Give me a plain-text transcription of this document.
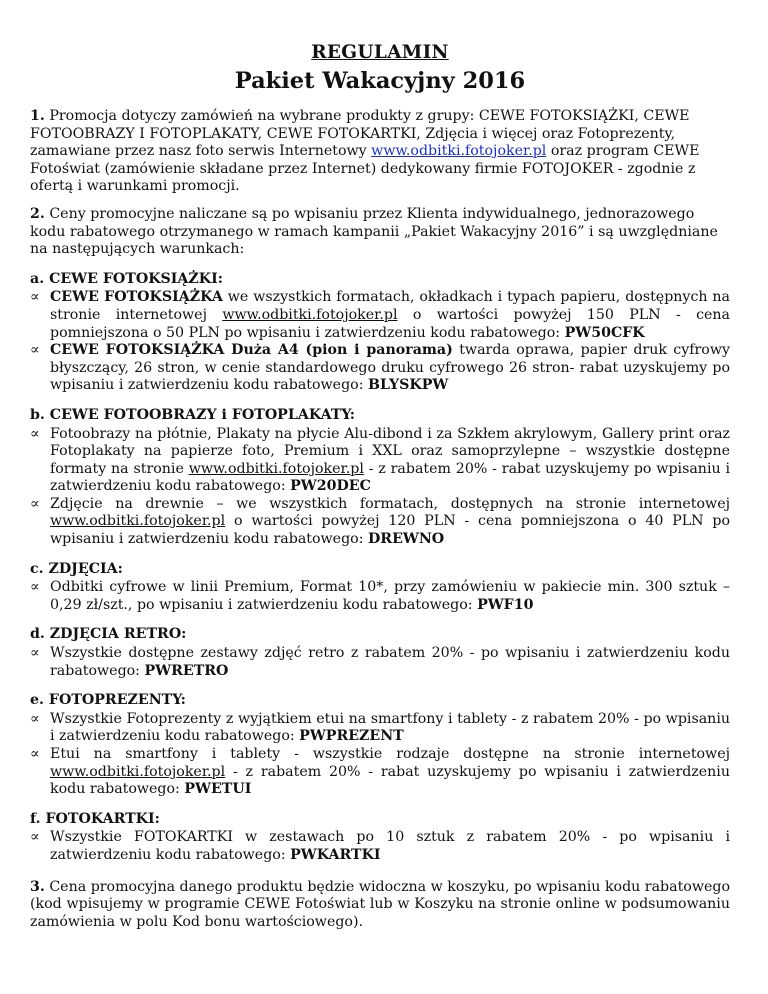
REGULAMIN
Pakiet Wakacyjny 2016

1. Promocja dotyczy zamówień na wybrane produkty z grupy: CEWE FOTOKSIĄŻKI, CEWE FOTOOBRAZY I FOTOPLAKATY, CEWE FOTOKARTKI, Zdjęcia i więcej oraz Fotoprezenty, zamawiane przez nasz foto serwis Internetowy www.odbitki.fotojoker.pl oraz program CEWE Fotoświat (zamówienie składane przez Internet) dedykowany firmie FOTOJOKER - zgodnie z ofertą i warunkami promocji.

2. Ceny promocyjne naliczane są po wpisaniu przez Klienta indywidualnego, jednorazowego kodu rabatowego otrzymanego w ramach kampanii „Pakiet Wakacyjny 2016” i są uwzględniane na następujących warunkach:

a. CEWE FOTOKSIĄŻKI:
∝ CEWE FOTOKSIĄŻKA we wszystkich formatach, okładkach i typach papieru, dostępnych na stronie internetowej www.odbitki.fotojoker.pl o wartości powyżej 150 PLN - cena pomniejszona o 50 PLN po wpisaniu i zatwierdzeniu kodu rabatowego: PW50CFK
∝ CEWE FOTOKSIĄŻKA Duża A4 (pion i panorama) twarda oprawa, papier druk cyfrowy błyszczący, 26 stron, w cenie standardowego druku cyfrowego 26 stron- rabat uzyskujemy po wpisaniu i zatwierdzeniu kodu rabatowego: BLYSKPW
b. CEWE FOTOOBRAZY i FOTOPLAKATY:
∝ Fotoobrazy na płótnie, Plakaty na płycie Alu-dibond i za Szkłem akrylowym, Gallery print oraz Fotoplakaty na papierze foto, Premium i XXL oraz samoprzylepne – wszystkie dostępne formaty na stronie www.odbitki.fotojoker.pl - z rabatem 20% - rabat uzyskujemy po wpisaniu i zatwierdzeniu kodu rabatowego: PW20DEC
∝ Zdjęcie na drewnie – we wszystkich formatach, dostępnych na stronie internetowej www.odbitki.fotojoker.pl o wartości powyżej 120 PLN - cena pomniejszona o 40 PLN po wpisaniu i zatwierdzeniu kodu rabatowego: DREWNO
c. ZDJĘCIA:
∝ Odbitki cyfrowe w linii Premium, Format 10*, przy zamówieniu w pakiecie min. 300 sztuk – 0,29 zł/szt., po wpisaniu i zatwierdzeniu kodu rabatowego: PWF10
d. ZDJĘCIA RETRO:
∝ Wszystkie dostępne zestawy zdjęć retro z rabatem 20% - po wpisaniu i zatwierdzeniu kodu rabatowego: PWRETRO
e. FOTOPREZENTY:
∝ Wszystkie Fotoprezenty z wyjątkiem etui na smartfony i tablety - z rabatem 20% - po wpisaniu i zatwierdzeniu kodu rabatowego: PWPREZENT
∝ Etui na smartfony i tablety - wszystkie rodzaje dostępne na stronie internetowej www.odbitki.fotojoker.pl - z rabatem 20% - rabat uzyskujemy po wpisaniu i zatwierdzeniu kodu rabatowego: PWETUI
f. FOTOKARTKI:
∝ Wszystkie FOTOKARTKI w zestawach po 10 sztuk z rabatem 20% - po wpisaniu i zatwierdzeniu kodu rabatowego: PWKARTKI

3. Cena promocyjna danego produktu będzie widoczna w koszyku, po wpisaniu kodu rabatowego (kod wpisujemy w programie CEWE Fotoświat lub w Koszyku na stronie online w podsumowaniu zamówienia w polu Kod bonu wartościowego).
